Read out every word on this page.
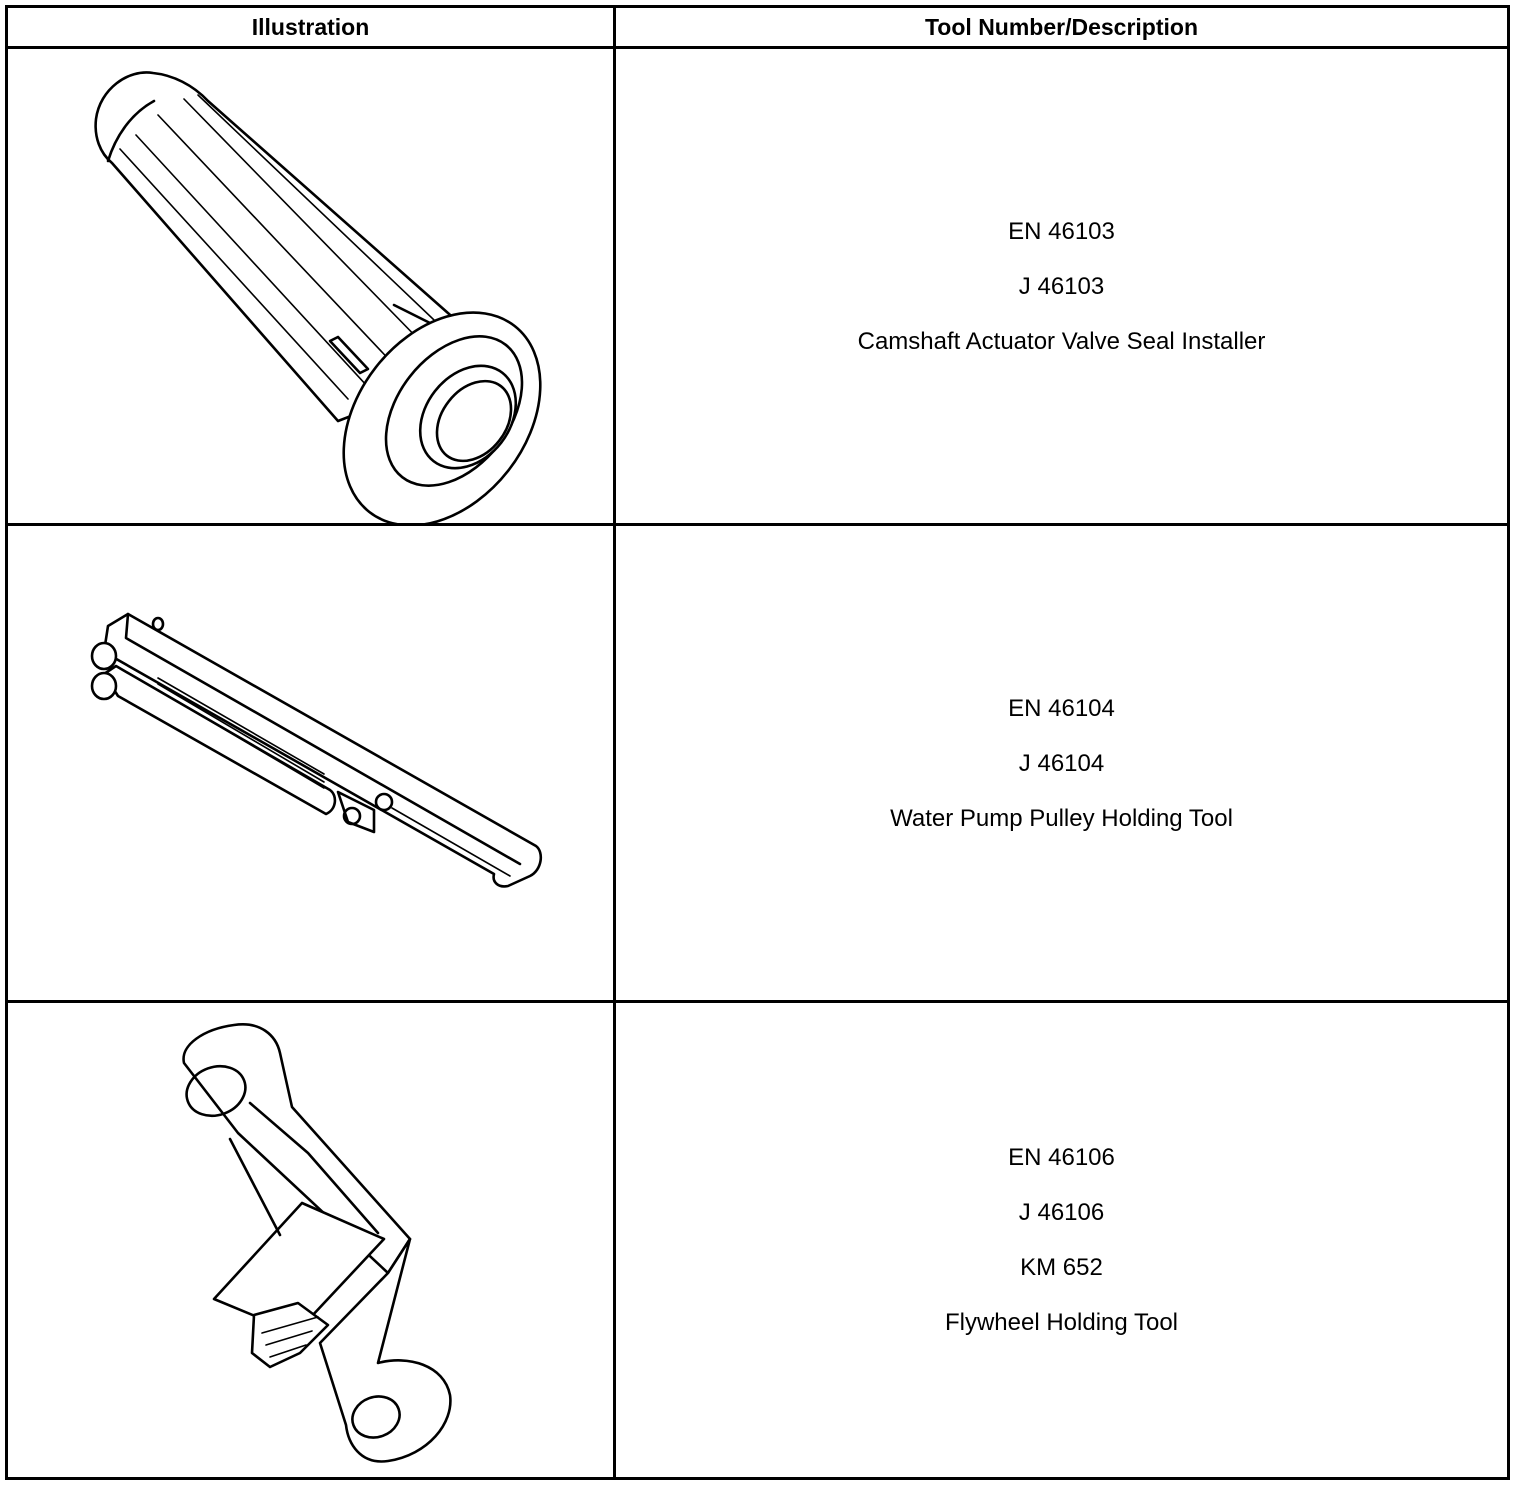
Illustration	Tool Number/Description

EN 46103
J 46103
Camshaft Actuator Valve Seal Installer

EN 46104
J 46104
Water Pump Pulley Holding Tool

EN 46106
J 46106
KM 652
Flywheel Holding Tool
